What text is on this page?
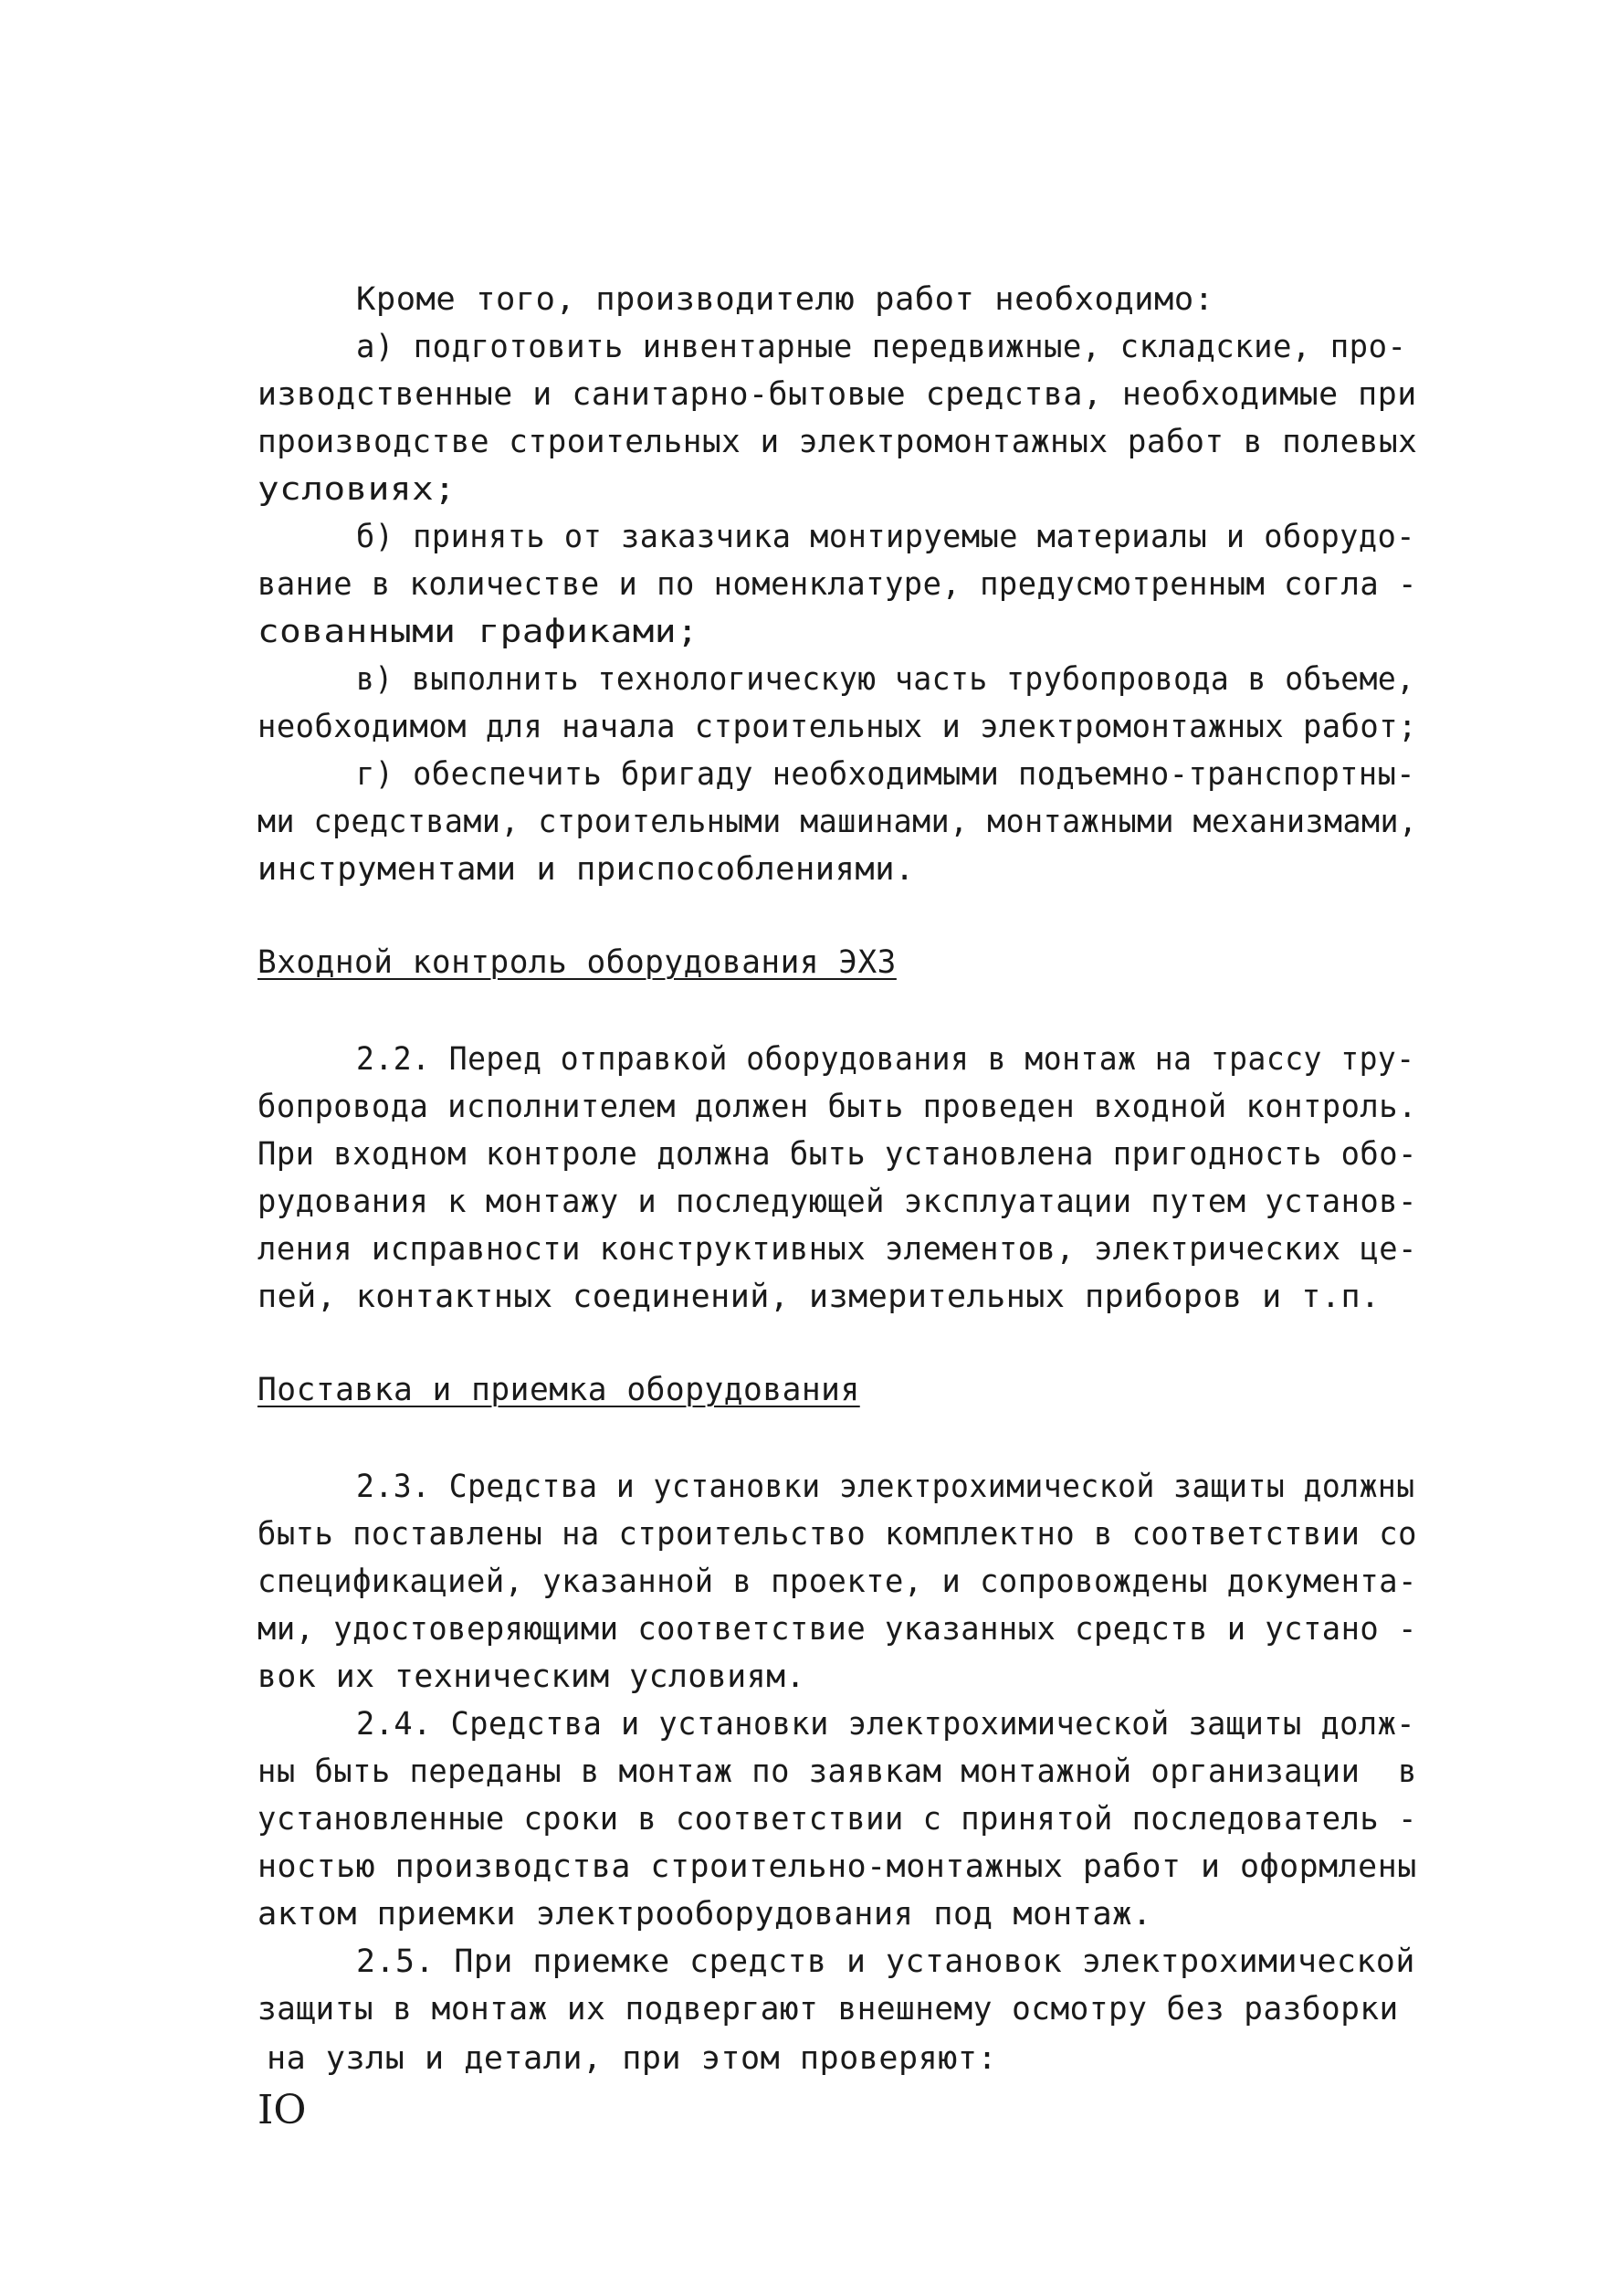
Кроме того, производителю работ необходимо:
а) подготовить инвентарные передвижные, складские, про-
изводственные и санитарно-бытовые средства, необходимые при
производстве строительных и электромонтажных работ в полевых
условиях;
б) принять от заказчика монтируемые материалы и оборудо-
вание в количестве и по номенклатуре, предусмотренным согла -
сованными графиками;
в) выполнить технологическую часть трубопровода в объеме,
необходимом для начала строительных и электромонтажных работ;
г) обеспечить бригаду необходимыми подъемно-транспортны-
ми средствами, строительными машинами, монтажными механизмами,
инструментами и приспособлениями.
Входной контроль оборудования ЭХЗ
2.2. Перед отправкой оборудования в монтаж на трассу тру-
бопровода исполнителем должен быть проведен входной контроль.
При входном контроле должна быть установлена пригодность обо-
рудования к монтажу и последующей эксплуатации путем установ-
ления исправности конструктивных элементов, электрических це-
пей, контактных соединений, измерительных приборов и т.п.
Поставка и приемка оборудования
2.3. Средства и установки электрохимической защиты должны
быть поставлены на строительство комплектно в соответствии со
спецификацией, указанной в проекте, и сопровождены документа-
ми, удостоверяющими соответствие указанных средств и устано -
вок их техническим условиям.
2.4. Средства и установки электрохимической защиты долж-
ны быть переданы в монтаж по заявкам монтажной организации  в
установленные сроки в соответствии с принятой последователь -
ностью производства строительно-монтажных работ и оформлены
актом приемки электрооборудования под монтаж.
2.5. При приемке средств и установок электрохимической
защиты в монтаж их подвергают внешнему осмотру без разборки
на узлы и детали, при этом проверяют:
IO
